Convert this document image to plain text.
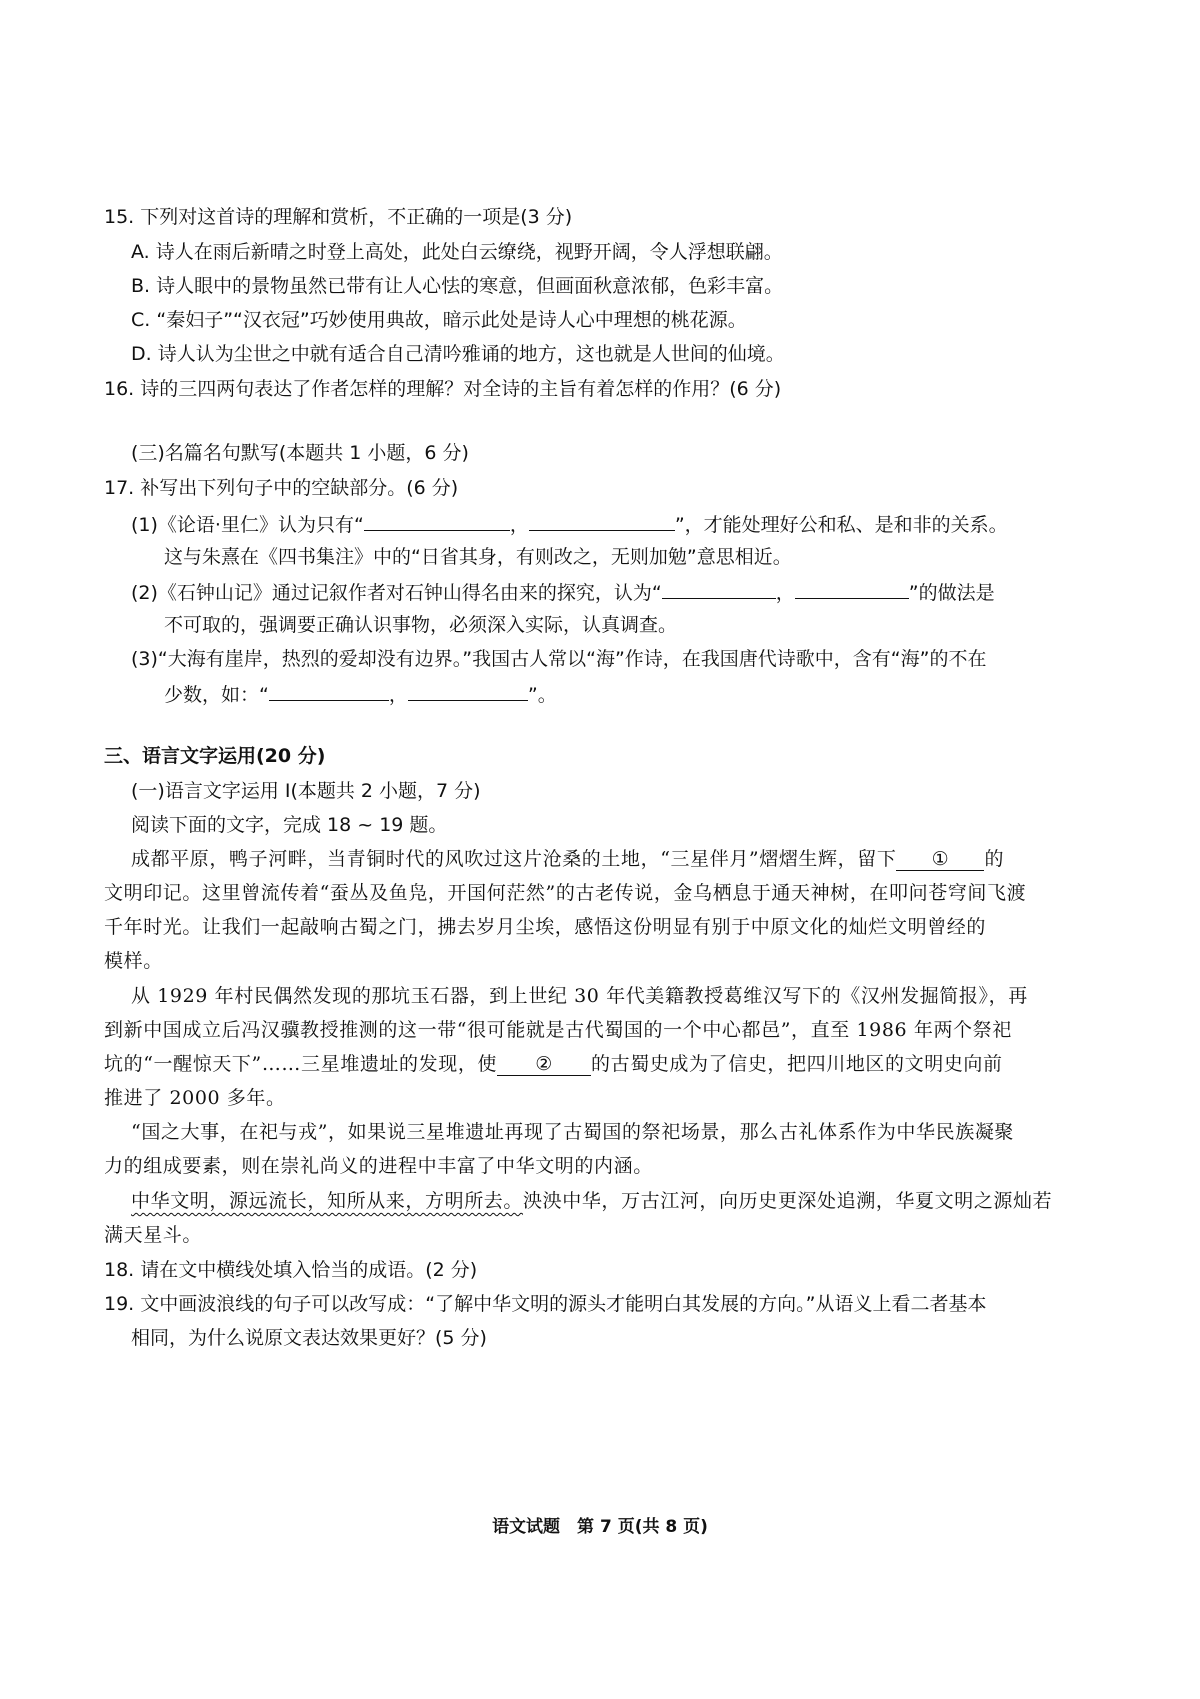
15. 下列对这首诗的理解和赏析，不正确的一项是(3 分)
A. 诗人在雨后新晴之时登上高处，此处白云缭绕，视野开阔，令人浮想联翩。
B. 诗人眼中的景物虽然已带有让人心怯的寒意，但画面秋意浓郁，色彩丰富。
C. “秦妇子”“汉衣冠”巧妙使用典故，暗示此处是诗人心中理想的桃花源。
D. 诗人认为尘世之中就有适合自己清吟雅诵的地方，这也就是人世间的仙境。
16. 诗的三四两句表达了作者怎样的理解？对全诗的主旨有着怎样的作用？(6 分)
(三)名篇名句默写(本题共 1 小题，6 分)
17. 补写出下列句子中的空缺部分。(6 分)
(1)《论语·里仁》认为只有“	，	”，才能处理好公和私、是和非的关系。
这与朱熹在《四书集注》中的“日省其身，有则改之，无则加勉”意思相近。
(2)《石钟山记》通过记叙作者对石钟山得名由来的探究，认为“	，	”的做法是
不可取的，强调要正确认识事物，必须深入实际，认真调查。
(3)“大海有崖岸，热烈的爱却没有边界。”我国古人常以“海”作诗，在我国唐代诗歌中，含有“海”的不在
少数，如：“	，	”。
三、语言文字运用(20 分)
(一)语言文字运用 Ⅰ(本题共 2 小题，7 分)
阅读下面的文字，完成 18 ~ 19 题。
成都平原，鸭子河畔，当青铜时代的风吹过这片沧桑的土地，“三星伴月”熠熠生辉，留下 ① 的
文明印记。这里曾流传着“蚕丛及鱼凫，开国何茫然”的古老传说，金乌栖息于通天神树，在叩问苍穹间飞渡
千年时光。让我们一起敲响古蜀之门，拂去岁月尘埃，感悟这份明显有别于中原文化的灿烂文明曾经的
模样。
从 1929 年村民偶然发现的那坑玉石器，到上世纪 30 年代美籍教授葛维汉写下的《汉州发掘简报》，再
到新中国成立后冯汉骥教授推测的这一带“很可能就是古代蜀国的一个中心都邑”，直至 1986 年两个祭祀
坑的“一醒惊天下”……三星堆遗址的发现，使 ② 的古蜀史成为了信史，把四川地区的文明史向前
推进了 2000 多年。
“国之大事，在祀与戎”，如果说三星堆遗址再现了古蜀国的祭祀场景，那么古礼体系作为中华民族凝聚
力的组成要素，则在崇礼尚义的进程中丰富了中华文明的内涵。
中华文明，源远流长，知所从来，方明所去。泱泱中华，万古江河，向历史更深处追溯，华夏文明之源灿若
满天星斗。
18. 请在文中横线处填入恰当的成语。(2 分)
19. 文中画波浪线的句子可以改写成：“了解中华文明的源头才能明白其发展的方向。”从语义上看二者基本
相同，为什么说原文表达效果更好？(5 分)
语文试题　第 7 页(共 8 页)
